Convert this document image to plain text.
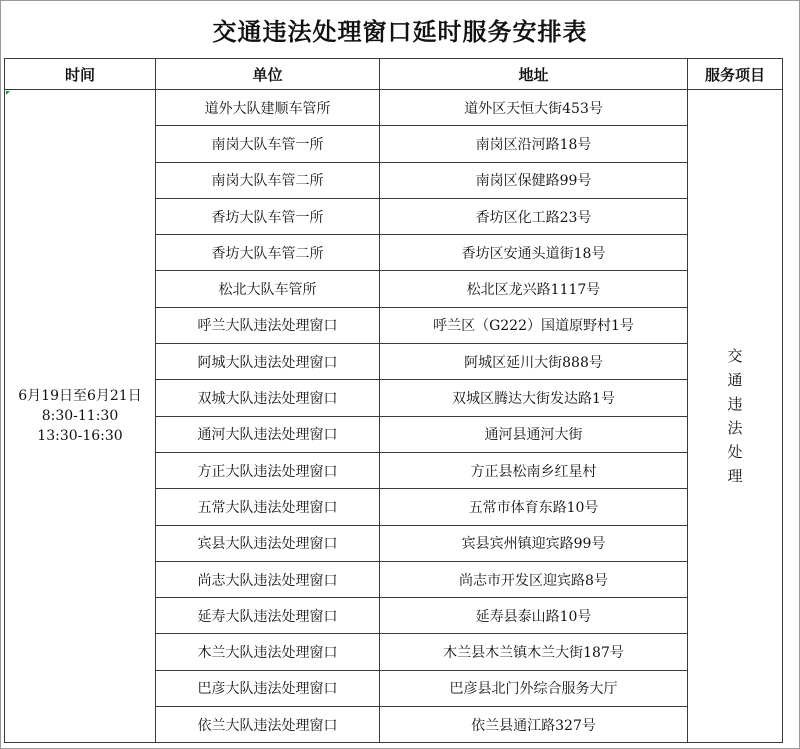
交通违法处理窗口延时服务安排表
时间	单位	地址	服务项目

6月19日至6月21日
8:30-11:30
13:30-16:30	道外大队建顺车管所	道外区天恒大街453号	交通违法处理
	南岗大队车管一所	南岗区沿河路18号	
	南岗大队车管二所	南岗区保健路99号	
	香坊大队车管一所	香坊区化工路23号	
	香坊大队车管二所	香坊区安通头道街18号	
	松北大队车管所	松北区龙兴路1117号	
	呼兰大队违法处理窗口	呼兰区（G222）国道原野村1号	
	阿城大队违法处理窗口	阿城区延川大街888号	
	双城大队违法处理窗口	双城区腾达大街发达路1号	
	通河大队违法处理窗口	通河县通河大街	
	方正大队违法处理窗口	方正县松南乡红星村	
	五常大队违法处理窗口	五常市体育东路10号	
	宾县大队违法处理窗口	宾县宾州镇迎宾路99号	
	尚志大队违法处理窗口	尚志市开发区迎宾路8号	
	延寿大队违法处理窗口	延寿县泰山路10号	
	木兰大队违法处理窗口	木兰县木兰镇木兰大街187号	
	巴彦大队违法处理窗口	巴彦县北门外综合服务大厅	
	依兰大队违法处理窗口	依兰县通江路327号	
